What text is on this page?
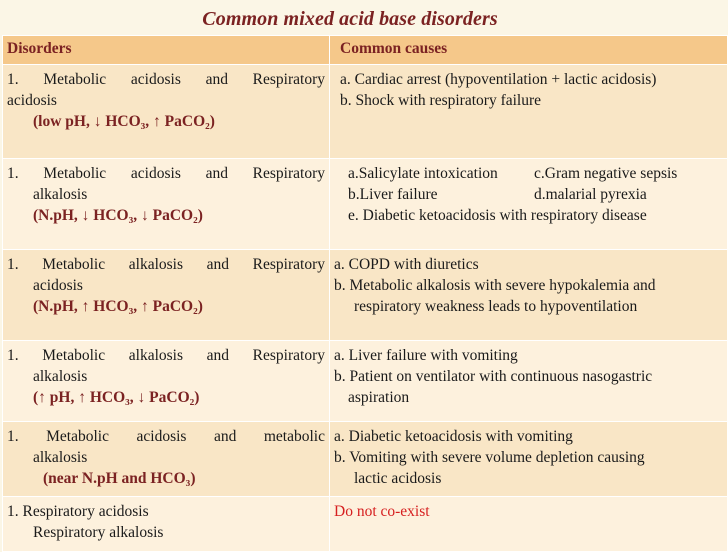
Common mixed acid base disorders
Disorders	Common causes

1. Metabolic acidosis and Respiratory
acidosis
(low pH, ↓ HCO₃, ↑ PaCO₂)	a. Cardiac arrest (hypoventilation + lactic acidosis)
b. Shock with respiratory failure

1. Metabolic acidosis and Respiratory
alkalosis
(N.pH, ↓ HCO₃, ↓ PaCO₂)	a.Salicylate intoxication c.Gram negative sepsis
b.Liver failure d.malarial pyrexia
e. Diabetic ketoacidosis with respiratory disease

1. Metabolic alkalosis and Respiratory
acidosis
(N.pH, ↑ HCO₃, ↑ PaCO₂)	a. COPD with diuretics
b. Metabolic alkalosis with severe hypokalemia and
respiratory weakness leads to hypoventilation

1. Metabolic alkalosis and Respiratory
alkalosis
(↑ pH, ↑ HCO₃, ↓ PaCO₂)	a. Liver failure with vomiting
b. Patient on ventilator with continuous nasogastric
aspiration

1. Metabolic acidosis and metabolic
alkalosis
(near N.pH and HCO₃)	a. Diabetic ketoacidosis with vomiting
b. Vomiting with severe volume depletion causing
lactic acidosis

1. Respiratory acidosis
Respiratory alkalosis	Do not co-exist
